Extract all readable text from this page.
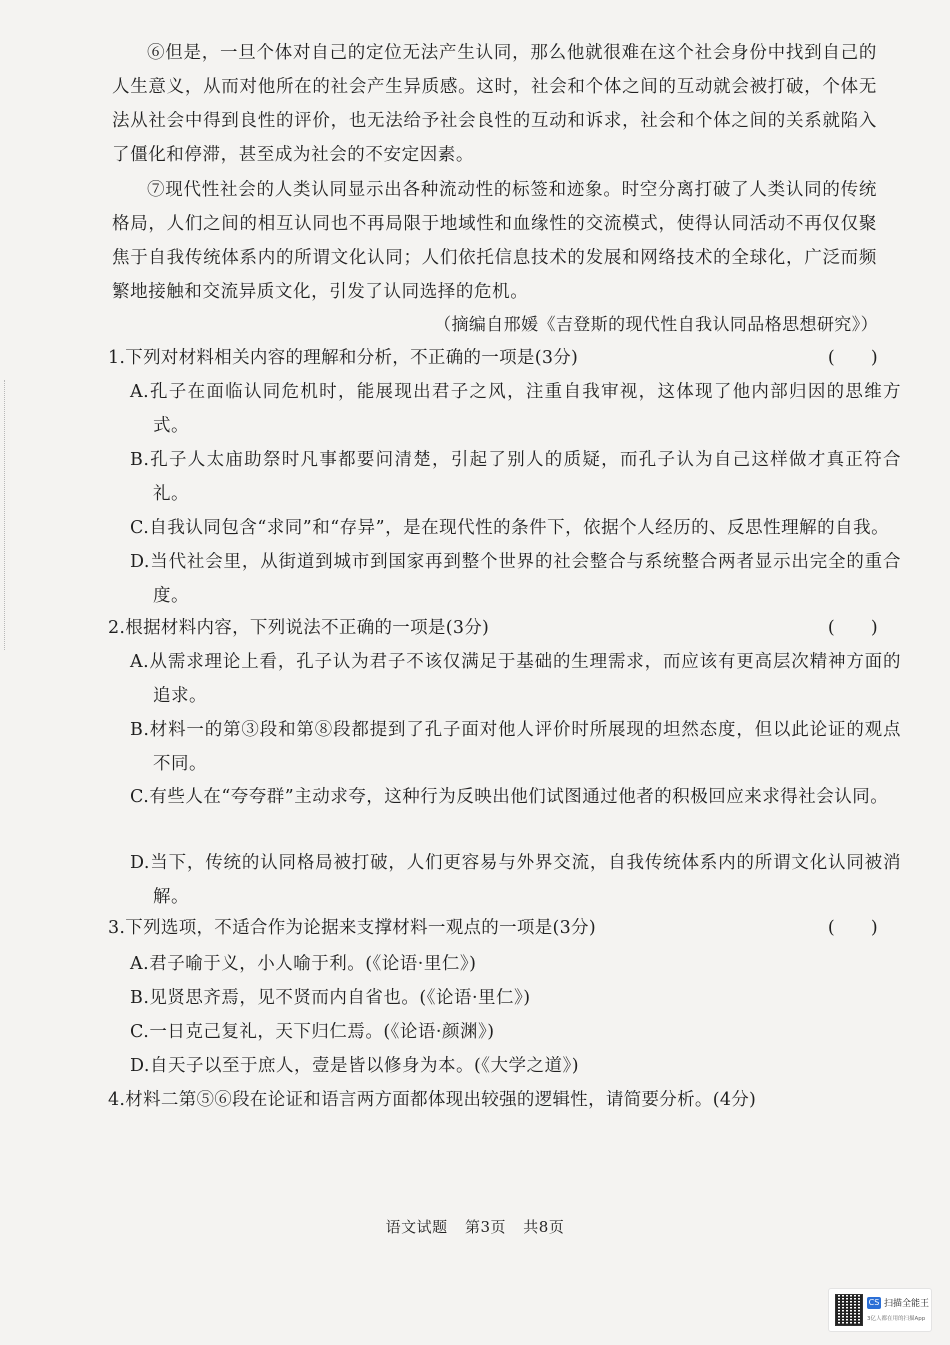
⑥但是，一旦个体对自己的定位无法产生认同，那么他就很难在这个社会身份中找到自己的人生意义，从而对他所在的社会产生异质感。这时，社会和个体之间的互动就会被打破，个体无法从社会中得到良性的评价，也无法给予社会良性的互动和诉求，社会和个体之间的关系就陷入了僵化和停滞，甚至成为社会的不安定因素。

⑦现代性社会的人类认同显示出各种流动性的标签和迹象。时空分离打破了人类认同的传统格局，人们之间的相互认同也不再局限于地域性和血缘性的交流模式，使得认同活动不再仅仅聚焦于自我传统体系内的所谓文化认同；人们依托信息技术的发展和网络技术的全球化，广泛而频繁地接触和交流异质文化，引发了认同选择的危机。

（摘编自邢媛《吉登斯的现代性自我认同品格思想研究》）
1.下列对材料相关内容的理解和分析，不正确的一项是(3分)	( )

A.孔子在面临认同危机时，能展现出君子之风，注重自我审视，这体现了他内部归因的思维方式。

B.孔子人太庙助祭时凡事都要问清楚，引起了别人的质疑，而孔子认为自己这样做才真正符合礼。

C.自我认同包含“求同”和“存异”，是在现代性的条件下，依据个人经历的、反思性理解的自我。

D.当代社会里，从街道到城市到国家再到整个世界的社会整合与系统整合两者显示出完全的重合度。

2.根据材料内容，下列说法不正确的一项是(3分)	( )

A.从需求理论上看，孔子认为君子不该仅满足于基础的生理需求，而应该有更高层次精神方面的追求。

B.材料一的第③段和第⑧段都提到了孔子面对他人评价时所展现的坦然态度，但以此论证的观点不同。

C.有些人在“夸夸群”主动求夸，这种行为反映出他们试图通过他者的积极回应来求得社会认同。

D.当下，传统的认同格局被打破，人们更容易与外界交流，自我传统体系内的所谓文化认同被消解。

3.下列选项，不适合作为论据来支撑材料一观点的一项是(3分)	( )

A.君子喻于义，小人喻于利。(《论语·里仁》)

B.见贤思齐焉，见不贤而内自省也。(《论语·里仁》)

C.一日克己复礼，天下归仁焉。(《论语·颜渊》)

D.自天子以至于庶人，壹是皆以修身为本。(《大学之道》)

4.材料二第⑤⑥段在论证和语言两方面都体现出较强的逻辑性，请简要分析。(4分)
语文试题 第3页 共8页
CS 扫描全能王
3亿人都在用的扫描App
